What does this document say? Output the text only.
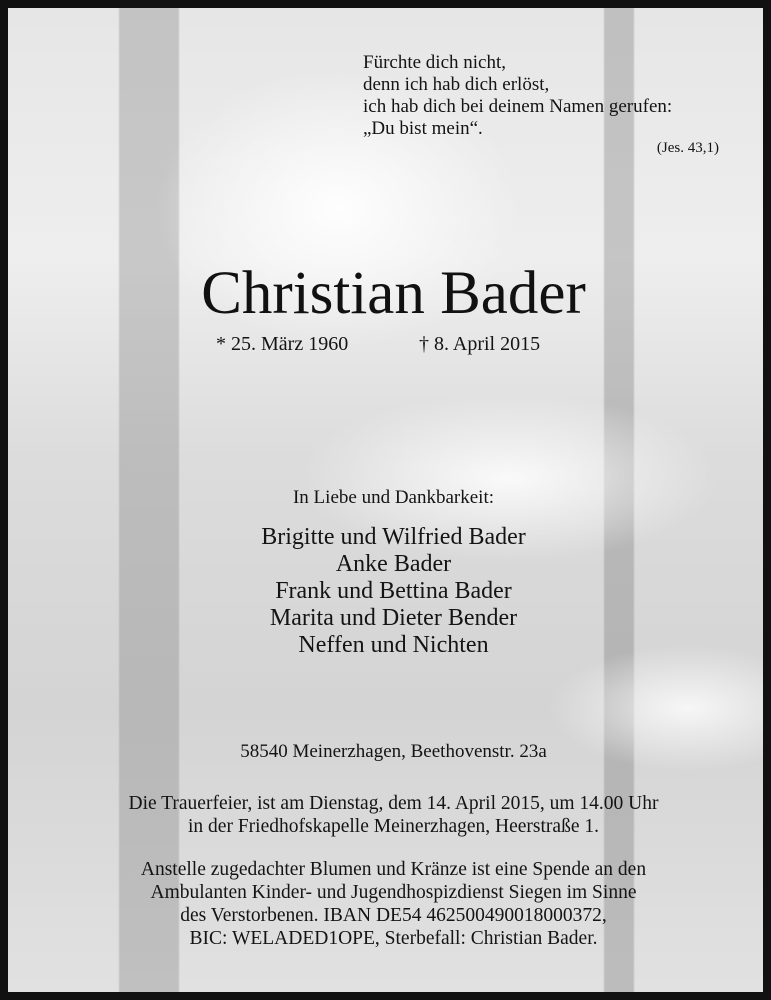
Fürchte dich nicht,
denn ich hab dich erlöst,
ich hab dich bei deinem Namen gerufen:
„Du bist mein“.
(Jes. 43,1)
Christian Bader
* 25. März 1960	† 8. April 2015
In Liebe und Dankbarkeit:
Brigitte und Wilfried Bader
Anke Bader
Frank und Bettina Bader
Marita und Dieter Bender
Neffen und Nichten
58540 Meinerzhagen, Beethovenstr. 23a
Die Trauerfeier, ist am Dienstag, dem 14. April 2015, um 14.00 Uhr
in der Friedhofskapelle Meinerzhagen, Heerstraße 1.
Anstelle zugedachter Blumen und Kränze ist eine Spende an den
Ambulanten Kinder- und Jugendhospizdienst Siegen im Sinne
des Verstorbenen. IBAN DE54 462500490018000372,
BIC: WELADED1OPE, Sterbefall: Christian Bader.
